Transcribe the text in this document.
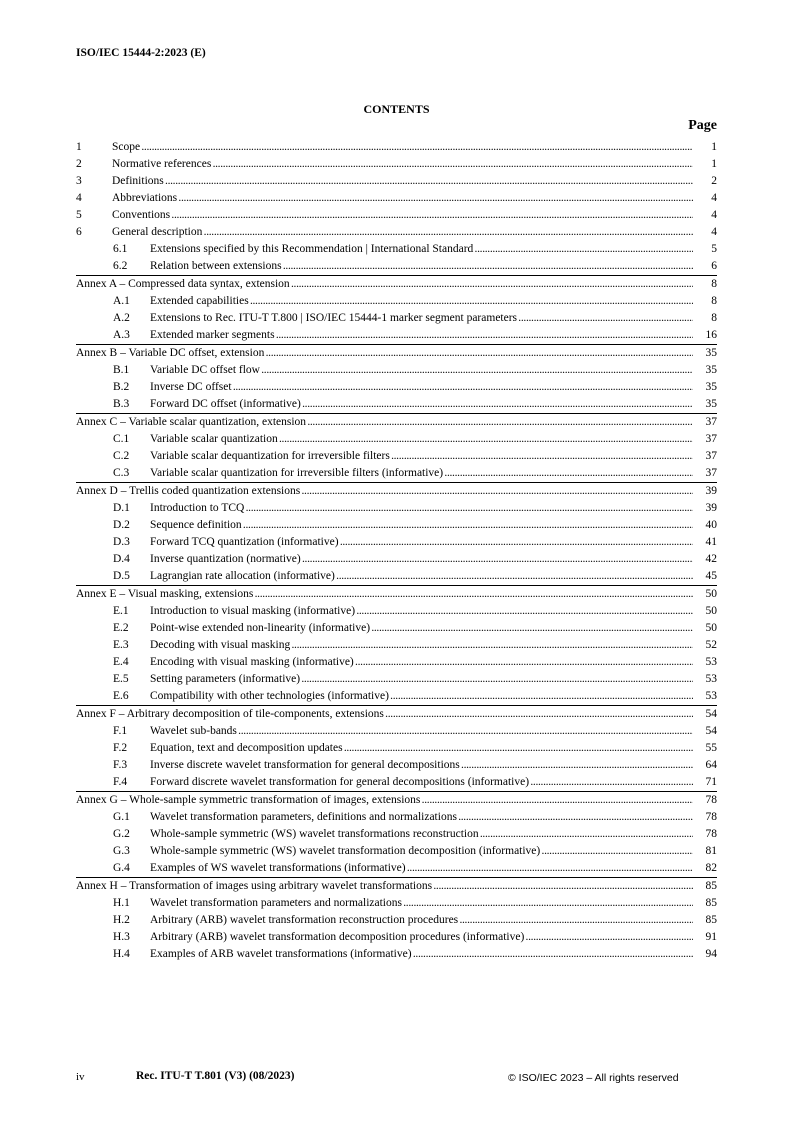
ISO/IEC 15444-2:2023 (E)
CONTENTS
Page
1	Scope . . .	1
2	Normative references . . .	1
3	Definitions . . .	2
4	Abbreviations . . .	4
5	Conventions . . .	4
6	General description . . .	4
6.1 Extensions specified by this Recommendation | International Standard . . .	5
6.2 Relation between extensions . . .	6
Annex A – Compressed data syntax, extension . . .	8
A.1 Extended capabilities . . .	8
A.2 Extensions to Rec. ITU-T T.800 | ISO/IEC 15444-1 marker segment parameters . . .	8
A.3 Extended marker segments . . .	16
Annex B – Variable DC offset, extension . . .	35
B.1 Variable DC offset flow . . .	35
B.2 Inverse DC offset . . .	35
B.3 Forward DC offset (informative) . . .	35
Annex C – Variable scalar quantization, extension . . .	37
C.1 Variable scalar quantization . . .	37
C.2 Variable scalar dequantization for irreversible filters . . .	37
C.3 Variable scalar quantization for irreversible filters (informative) . . .	37
Annex D – Trellis coded quantization extensions . . .	39
D.1 Introduction to TCQ . . .	39
D.2 Sequence definition . . .	40
D.3 Forward TCQ quantization (informative) . . .	41
D.4 Inverse quantization (normative) . . .	42
D.5 Lagrangian rate allocation (informative) . . .	45
Annex E – Visual masking, extensions . . .	50
E.1 Introduction to visual masking (informative) . . .	50
E.2 Point-wise extended non-linearity (informative) . . .	50
E.3 Decoding with visual masking . . .	52
E.4 Encoding with visual masking (informative) . . .	53
E.5 Setting parameters (informative) . . .	53
E.6 Compatibility with other technologies (informative) . . .	53
Annex F – Arbitrary decomposition of tile-components, extensions . . .	54
F.1 Wavelet sub-bands . . .	54
F.2 Equation, text and decomposition updates . . .	55
F.3 Inverse discrete wavelet transformation for general decompositions . . .	64
F.4 Forward discrete wavelet transformation for general decompositions (informative) . . .	71
Annex G – Whole-sample symmetric transformation of images, extensions . . .	78
G.1 Wavelet transformation parameters, definitions and normalizations . . .	78
G.2 Whole-sample symmetric (WS) wavelet transformations reconstruction . . .	78
G.3 Whole-sample symmetric (WS) wavelet transformation decomposition (informative) . . .	81
G.4 Examples of WS wavelet transformations (informative) . . .	82
Annex H – Transformation of images using arbitrary wavelet transformations . . .	85
H.1 Wavelet transformation parameters and normalizations . . .	85
H.2 Arbitrary (ARB) wavelet transformation reconstruction procedures . . .	85
H.3 Arbitrary (ARB) wavelet transformation decomposition procedures (informative) . . .	91
H.4 Examples of ARB wavelet transformations (informative) . . .	94
iv	Rec. ITU-T T.801 (V3) (08/2023)	© ISO/IEC 2023 – All rights reserved
